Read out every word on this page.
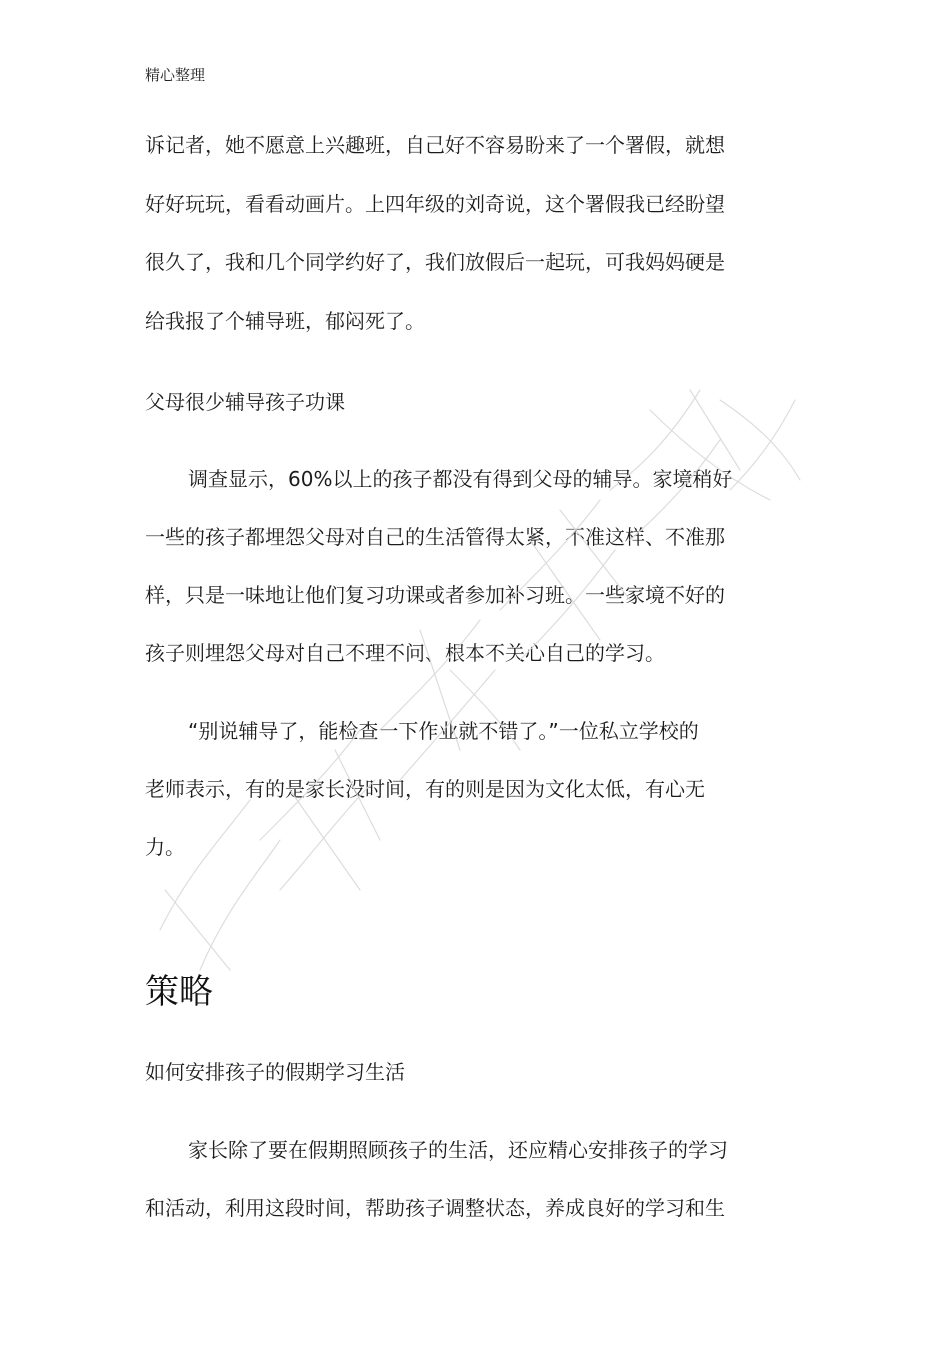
精心整理
诉记者，她不愿意上兴趣班，自己好不容易盼来了一个署假，就想
好好玩玩，看看动画片。上四年级的刘奇说，这个署假我已经盼望
很久了，我和几个同学约好了，我们放假后一起玩，可我妈妈硬是
给我报了个辅导班，郁闷死了。
父母很少辅导孩子功课
调查显示，60%以上的孩子都没有得到父母的辅导。家境稍好
一些的孩子都埋怨父母对自己的生活管得太紧，不准这样、不准那
样，只是一味地让他们复习功课或者参加补习班。一些家境不好的
孩子则埋怨父母对自己不理不问、根本不关心自己的学习。
“别说辅导了，能检查一下作业就不错了。”一位私立学校的
老师表示，有的是家长没时间，有的则是因为文化太低，有心无
力。
策略
如何安排孩子的假期学习生活
家长除了要在假期照顾孩子的生活，还应精心安排孩子的学习
和活动，利用这段时间，帮助孩子调整状态，养成良好的学习和生
